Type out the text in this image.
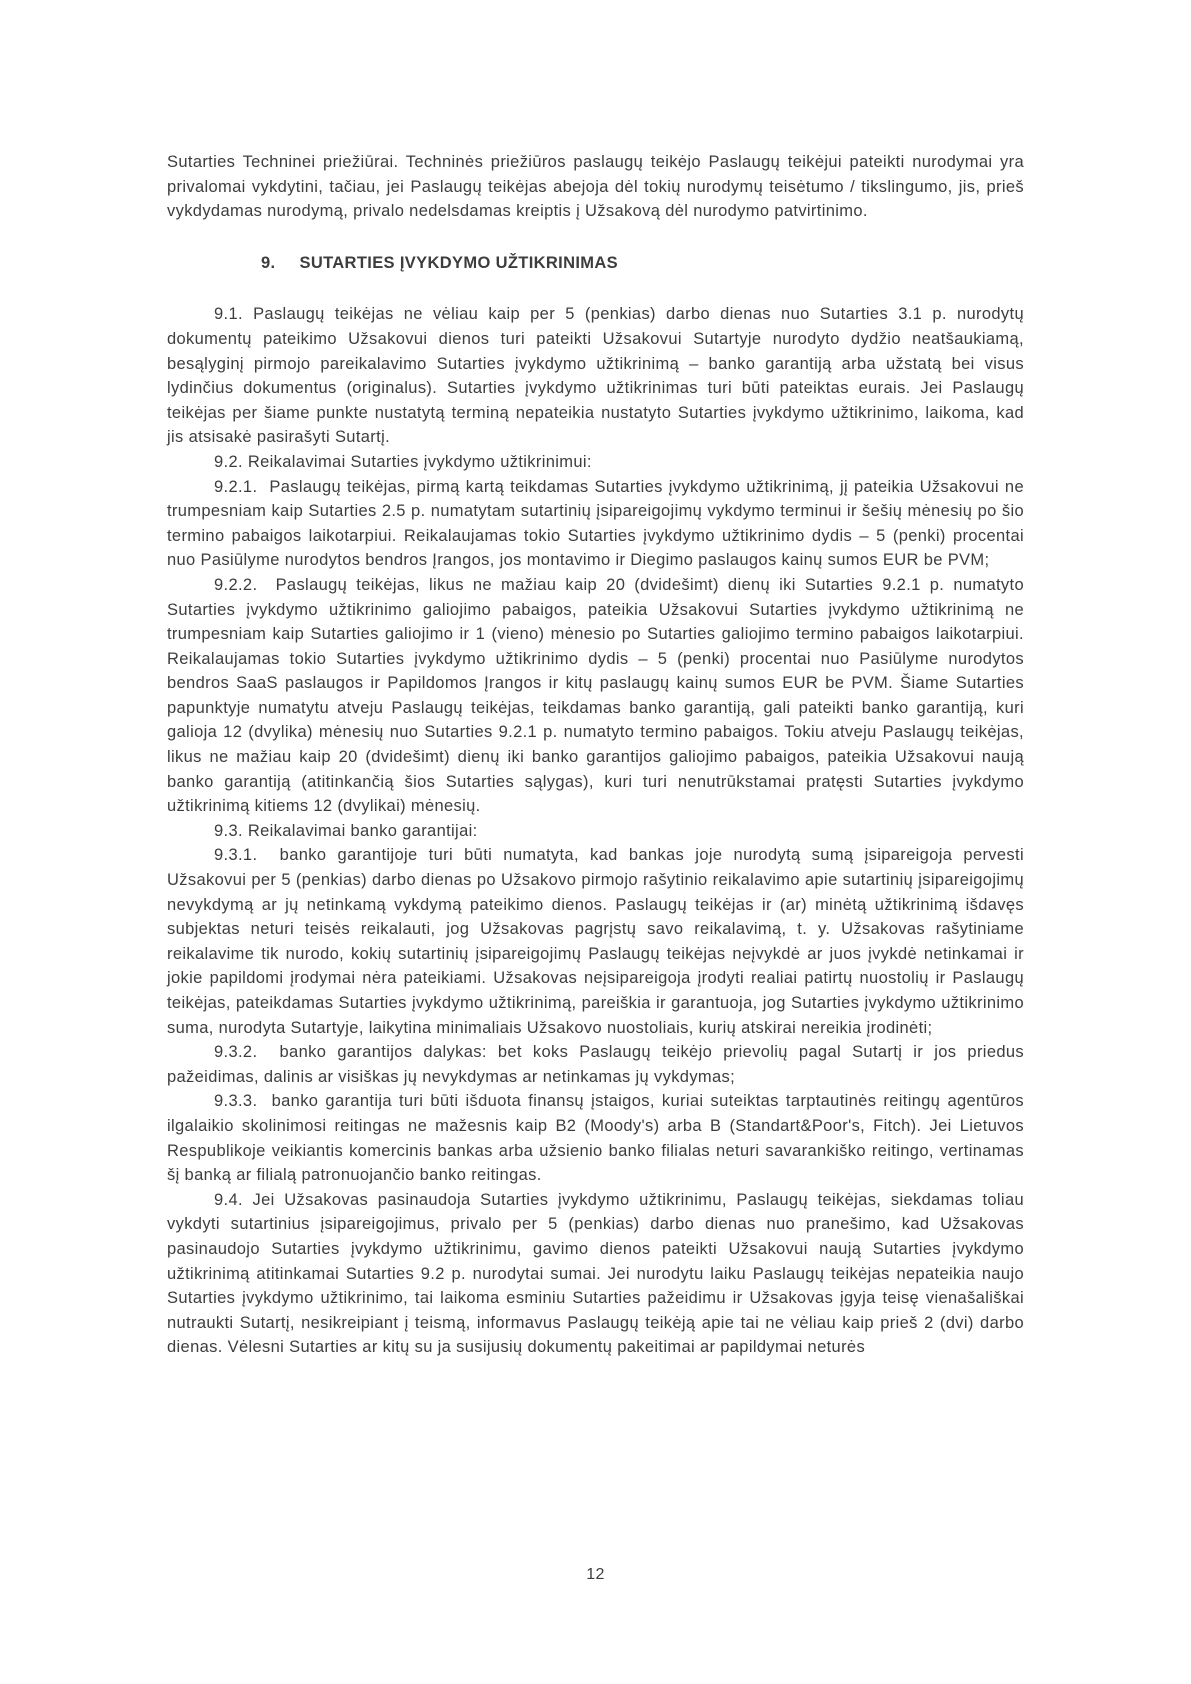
Sutarties Techninei priežiūrai. Techninės priežiūros paslaugų teikėjo Paslaugų teikėjui pateikti nurodymai yra privalomai vykdytini, tačiau, jei Paslaugų teikėjas abejoja dėl tokių nurodymų teisėtumo / tikslingumo, jis, prieš vykdydamas nurodymą, privalo nedelsdamas kreiptis į Užsakovą dėl nurodymo patvirtinimo.

9. SUTARTIES ĮVYKDYMO UŽTIKRINIMAS

9.1. Paslaugų teikėjas ne vėliau kaip per 5 (penkias) darbo dienas nuo Sutarties 3.1 p. nurodytų dokumentų pateikimo Užsakovui dienos turi pateikti Užsakovui Sutartyje nurodyto dydžio neatšaukiamą, besąlyginį pirmojo pareikalavimo Sutarties įvykdymo užtikrinimą – banko garantiją arba užstatą bei visus lydinčius dokumentus (originalus). Sutarties įvykdymo užtikrinimas turi būti pateiktas eurais. Jei Paslaugų teikėjas per šiame punkte nustatytą terminą nepateikia nustatyto Sutarties įvykdymo užtikrinimo, laikoma, kad jis atsisakė pasirašyti Sutartį.

9.2. Reikalavimai Sutarties įvykdymo užtikrinimui:

9.2.1.  Paslaugų teikėjas, pirmą kartą teikdamas Sutarties įvykdymo užtikrinimą, jį pateikia Užsakovui ne trumpesniam kaip Sutarties 2.5 p. numatytam sutartinių įsipareigojimų vykdymo terminui ir šešių mėnesių po šio termino pabaigos laikotarpiui. Reikalaujamas tokio Sutarties įvykdymo užtikrinimo dydis – 5 (penki) procentai nuo Pasiūlyme nurodytos bendros Įrangos, jos montavimo ir Diegimo paslaugos kainų sumos EUR be PVM;

9.2.2.  Paslaugų teikėjas, likus ne mažiau kaip 20 (dvidešimt) dienų iki Sutarties 9.2.1 p. numatyto Sutarties įvykdymo užtikrinimo galiojimo pabaigos, pateikia Užsakovui Sutarties įvykdymo užtikrinimą ne trumpesniam kaip Sutarties galiojimo ir 1 (vieno) mėnesio po Sutarties galiojimo termino pabaigos laikotarpiui. Reikalaujamas tokio Sutarties įvykdymo užtikrinimo dydis – 5 (penki) procentai nuo Pasiūlyme nurodytos bendros SaaS paslaugos ir Papildomos Įrangos ir kitų paslaugų kainų sumos EUR be PVM. Šiame Sutarties papunktyje numatytu atveju Paslaugų teikėjas, teikdamas banko garantiją, gali pateikti banko garantiją, kuri galioja 12 (dvylika) mėnesių nuo Sutarties 9.2.1 p. numatyto termino pabaigos. Tokiu atveju Paslaugų teikėjas, likus ne mažiau kaip 20 (dvidešimt) dienų iki banko garantijos galiojimo pabaigos, pateikia Užsakovui naują banko garantiją (atitinkančią šios Sutarties sąlygas), kuri turi nenutrūkstamai pratęsti Sutarties įvykdymo užtikrinimą kitiems 12 (dvylikai) mėnesių.

9.3. Reikalavimai banko garantijai:

9.3.1.  banko garantijoje turi būti numatyta, kad bankas joje nurodytą sumą įsipareigoja pervesti Užsakovui per 5 (penkias) darbo dienas po Užsakovo pirmojo rašytinio reikalavimo apie sutartinių įsipareigojimų nevykdymą ar jų netinkamą vykdymą pateikimo dienos. Paslaugų teikėjas ir (ar) minėtą užtikrinimą išdavęs subjektas neturi teisės reikalauti, jog Užsakovas pagrįstų savo reikalavimą, t. y. Užsakovas rašytiniame reikalavime tik nurodo, kokių sutartinių įsipareigojimų Paslaugų teikėjas neįvykdė ar juos įvykdė netinkamai ir jokie papildomi įrodymai nėra pateikiami. Užsakovas neįsipareigoja įrodyti realiai patirtų nuostolių ir Paslaugų teikėjas, pateikdamas Sutarties įvykdymo užtikrinimą, pareiškia ir garantuoja, jog Sutarties įvykdymo užtikrinimo suma, nurodyta Sutartyje, laikytina minimaliais Užsakovo nuostoliais, kurių atskirai nereikia įrodinėti;

9.3.2.  banko garantijos dalykas: bet koks Paslaugų teikėjo prievolių pagal Sutartį ir jos priedus pažeidimas, dalinis ar visiškas jų nevykdymas ar netinkamas jų vykdymas;

9.3.3.  banko garantija turi būti išduota finansų įstaigos, kuriai suteiktas tarptautinės reitingų agentūros ilgalaikio skolinimosi reitingas ne mažesnis kaip B2 (Moody's) arba B (Standart&Poor's, Fitch). Jei Lietuvos Respublikoje veikiantis komercinis bankas arba užsienio banko filialas neturi savarankiško reitingo, vertinamas šį banką ar filialą patronuojančio banko reitingas.

9.4. Jei Užsakovas pasinaudoja Sutarties įvykdymo užtikrinimu, Paslaugų teikėjas, siekdamas toliau vykdyti sutartinius įsipareigojimus, privalo per 5 (penkias) darbo dienas nuo pranešimo, kad Užsakovas pasinaudojo Sutarties įvykdymo užtikrinimu, gavimo dienos pateikti Užsakovui naują Sutarties įvykdymo užtikrinimą atitinkamai Sutarties 9.2 p. nurodytai sumai. Jei nurodytu laiku Paslaugų teikėjas nepateikia naujo Sutarties įvykdymo užtikrinimo, tai laikoma esminiu Sutarties pažeidimu ir Užsakovas įgyja teisę vienašališkai nutraukti Sutartį, nesikreipiant į teismą, informavus Paslaugų teikėją apie tai ne vėliau kaip prieš 2 (dvi) darbo dienas. Vėlesni Sutarties ar kitų su ja susijusių dokumentų pakeitimai ar papildymai neturės

12
